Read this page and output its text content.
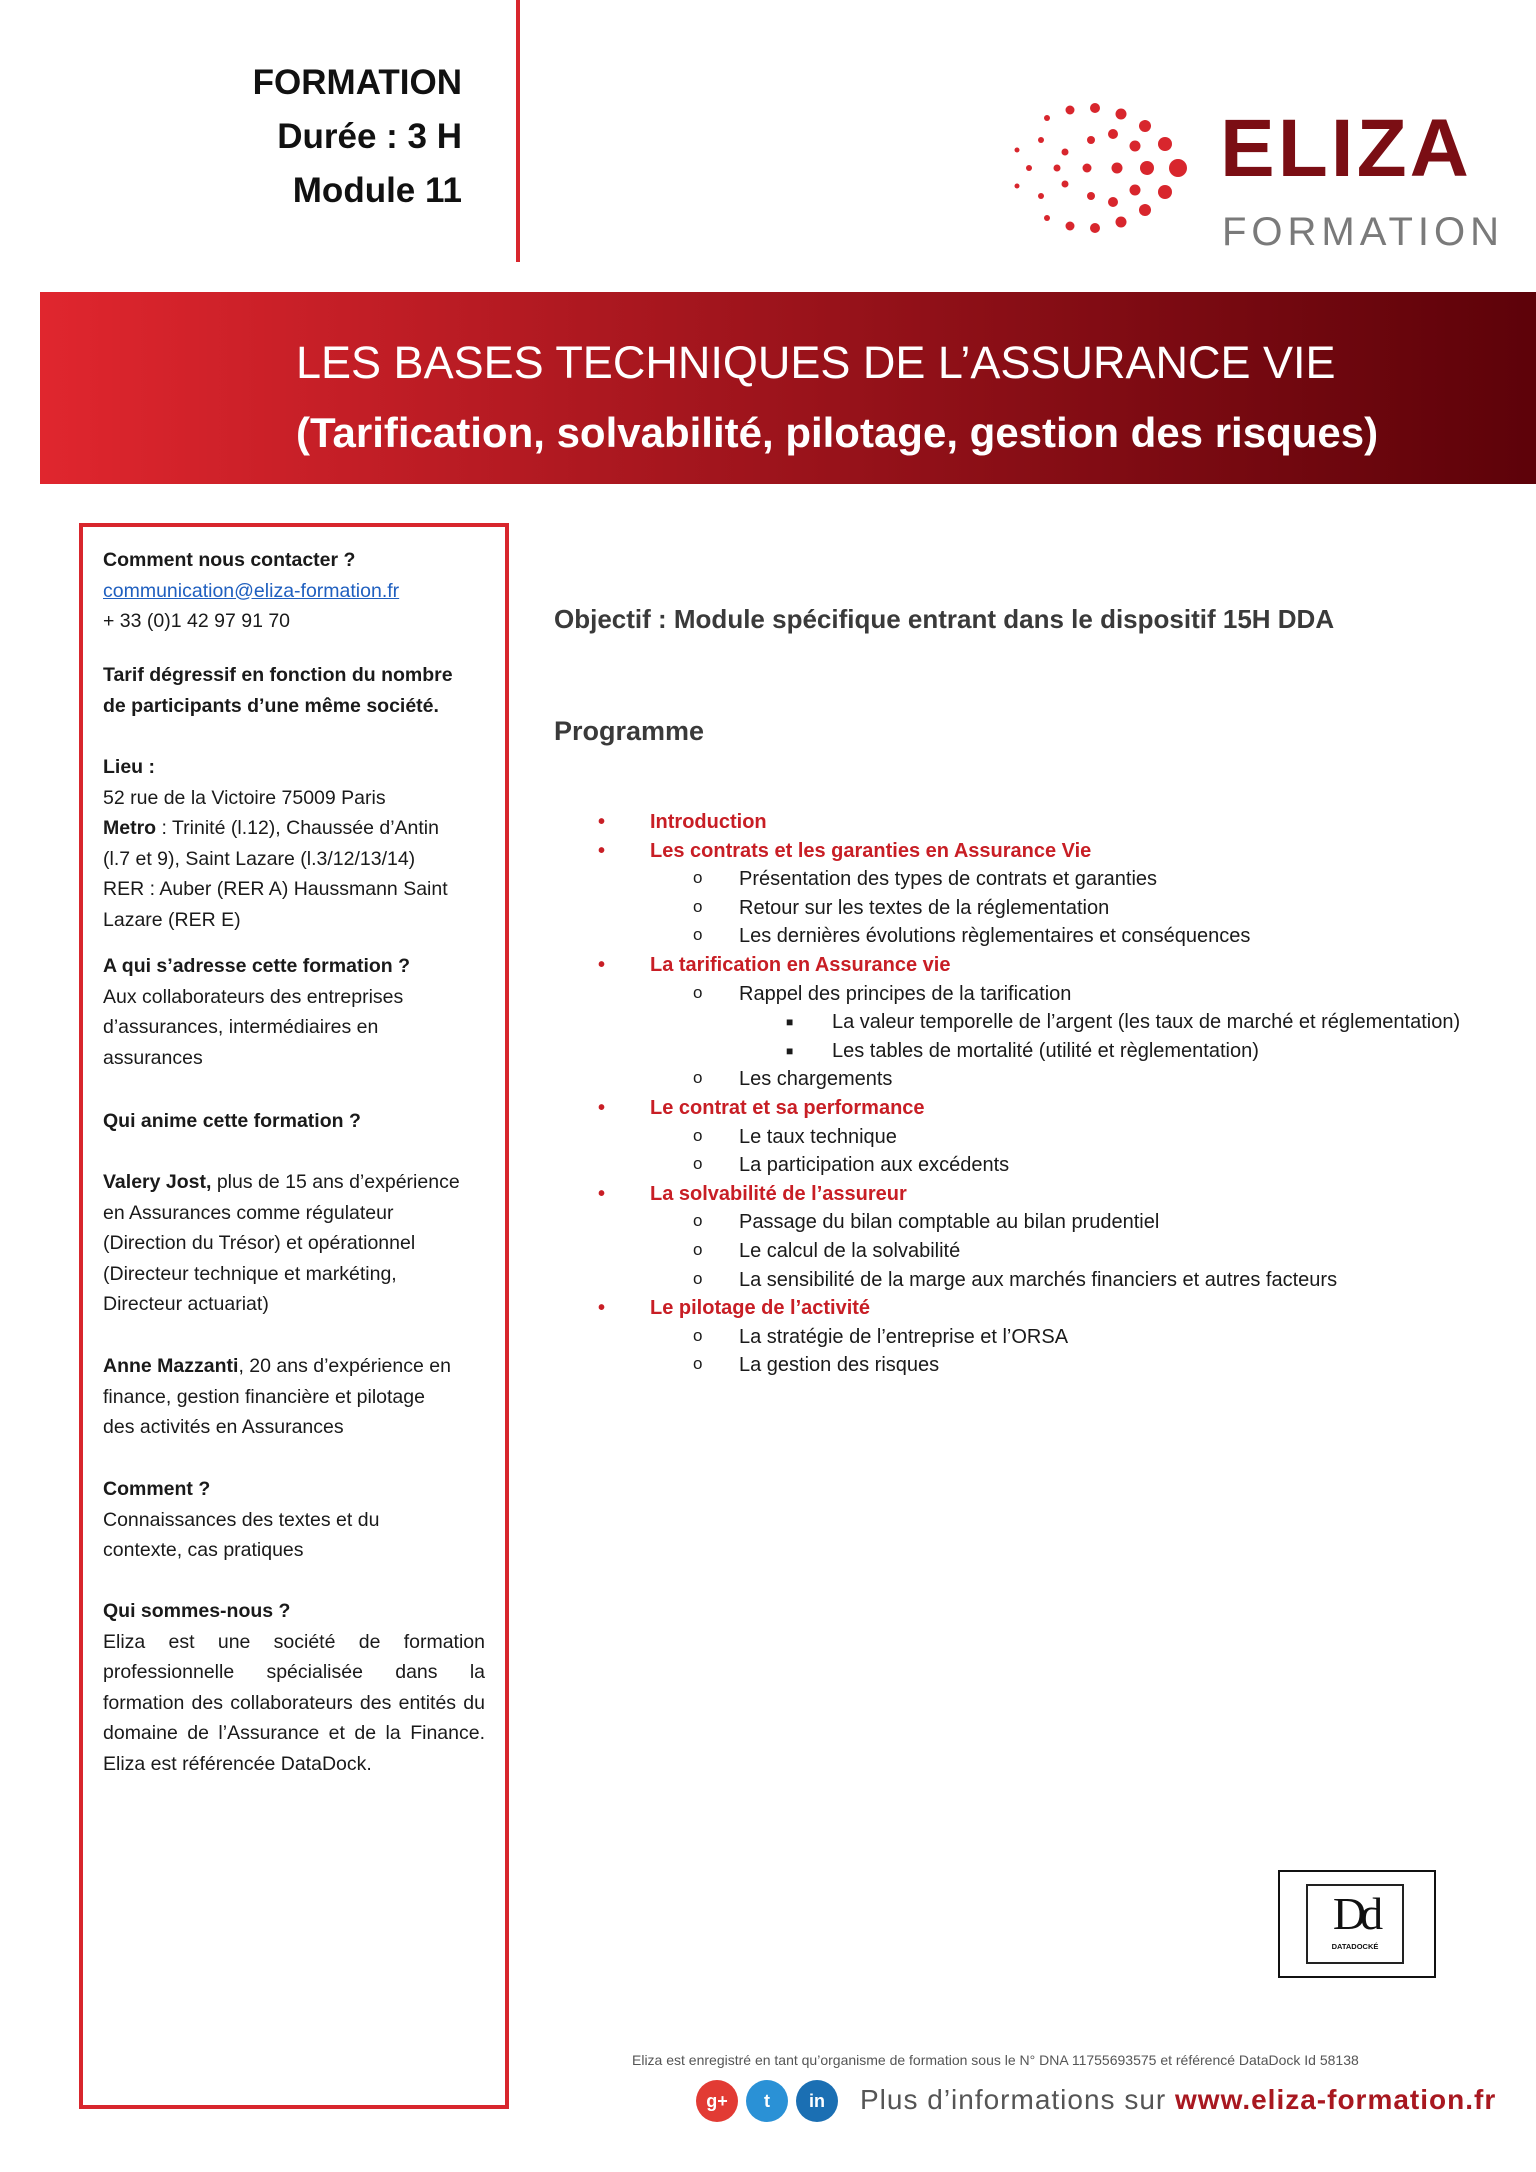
FORMATION
Durée : 3 H
Module 11	ELIZA
FORMATION
LES BASES TECHNIQUES DE L’ASSURANCE VIE
(Tarification, solvabilité, pilotage, gestion des risques)
Comment nous contacter ?
communication@eliza-formation.fr
+ 33 (0)1 42 97 91 70
Tarif dégressif en fonction du nombre
de participants d’une même société.
Lieu :
52 rue de la Victoire 75009 Paris
Metro : Trinité (l.12), Chaussée d’Antin
(l.7 et 9), Saint Lazare (l.3/12/13/14)
RER : Auber (RER A) Haussmann Saint
Lazare (RER E)
A qui s’adresse cette formation ?
Aux collaborateurs des entreprises
d’assurances, intermédiaires en
assurances
Qui anime cette formation ?
Valery Jost, plus de 15 ans d’expérience
en Assurances comme régulateur
(Direction du Trésor) et opérationnel
(Directeur technique et markéting,
Directeur actuariat)
Anne Mazzanti, 20 ans d’expérience en
finance, gestion financière et pilotage
des activités en Assurances
Comment ?
Connaissances des textes et du
contexte, cas pratiques
Qui sommes-nous ?
Eliza est une société de formation professionnelle spécialisée dans la formation des collaborateurs des entités du domaine de l’Assurance et de la Finance. Eliza est référencée DataDock.
Objectif : Module spécifique entrant dans le dispositif 15H DDA
Programme
• Introduction
• Les contrats et les garanties en Assurance Vie
o Présentation des types de contrats et garanties
o Retour sur les textes de la réglementation
o Les dernières évolutions règlementaires et conséquences
• La tarification en Assurance vie
o Rappel des principes de la tarification
■ La valeur temporelle de l’argent (les taux de marché et réglementation)
■ Les tables de mortalité (utilité et règlementation)
o Les chargements
• Le contrat et sa performance
o Le taux technique
o La participation aux excédents
• La solvabilité de l’assureur
o Passage du bilan comptable au bilan prudentiel
o Le calcul de la solvabilité
o La sensibilité de la marge aux marchés financiers et autres facteurs
• Le pilotage de l’activité
o La stratégie de l’entreprise et l’ORSA
o La gestion des risques
Dd
DATADOCKÉ
Eliza est enregistré en tant qu’organisme de formation sous le N° DNA 11755693575 et référencé DataDock Id 58138
g+	t	in	Plus d’informations sur www.eliza-formation.fr
